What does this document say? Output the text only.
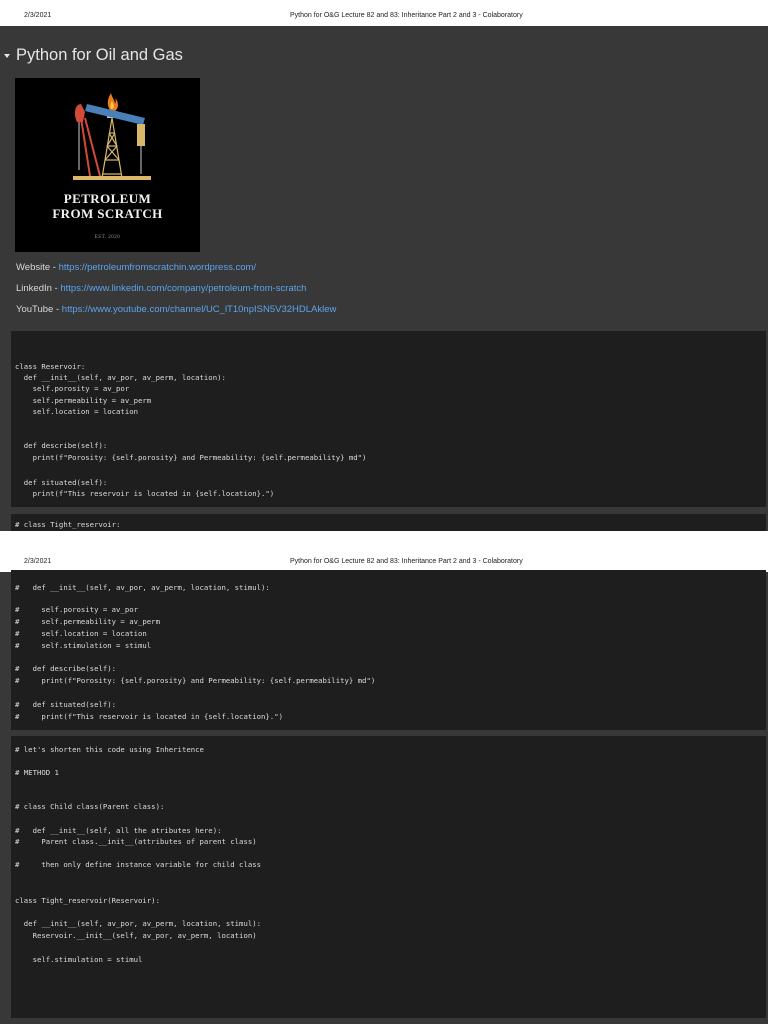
2/3/2021	Python for O&G Lecture 82 and 83: Inheritance Part 2 and 3 - Colaboratory
Python for Oil and Gas
PETROLEUM
FROM SCRATCH
EST. 2020
Website - https://petroleumfromscratchin.wordpress.com/
LinkedIn - https://www.linkedin.com/company/petroleum-from-scratch
YouTube - https://www.youtube.com/channel/UC_lT10npISN5V32HDLAklew
class Reservoir:
def __init__(self, av_por, av_perm, location):
self.porosity = av_por
self.permeability = av_perm
self.location = location
def describe(self):
print(f"Porosity: {self.porosity} and Permeability: {self.permeability} md")
def situated(self):
print(f"This reservoir is located in {self.location}.")
# class Tight_reservoir:
2/3/2021	Python for O&G Lecture 82 and 83: Inheritance Part 2 and 3 - Colaboratory
#   def __init__(self, av_por, av_perm, location, stimul):
#     self.porosity = av_por
#     self.permeability = av_perm
#     self.location = location
#     self.stimulation = stimul
#   def describe(self):
#     print(f"Porosity: {self.porosity} and Permeability: {self.permeability} md")
#   def situated(self):
#     print(f"This reservoir is located in {self.location}.")
# let's shorten this code using Inheritence
# METHOD 1
# class Child class(Parent class):
#   def __init__(self, all the atributes here):
#     Parent class.__init__(attributes of parent class)
#     then only define instance variable for child class
class Tight_reservoir(Reservoir):
def __init__(self, av_por, av_perm, location, stimul):
Reservoir.__init__(self, av_por, av_perm, location)
self.stimulation = stimul
